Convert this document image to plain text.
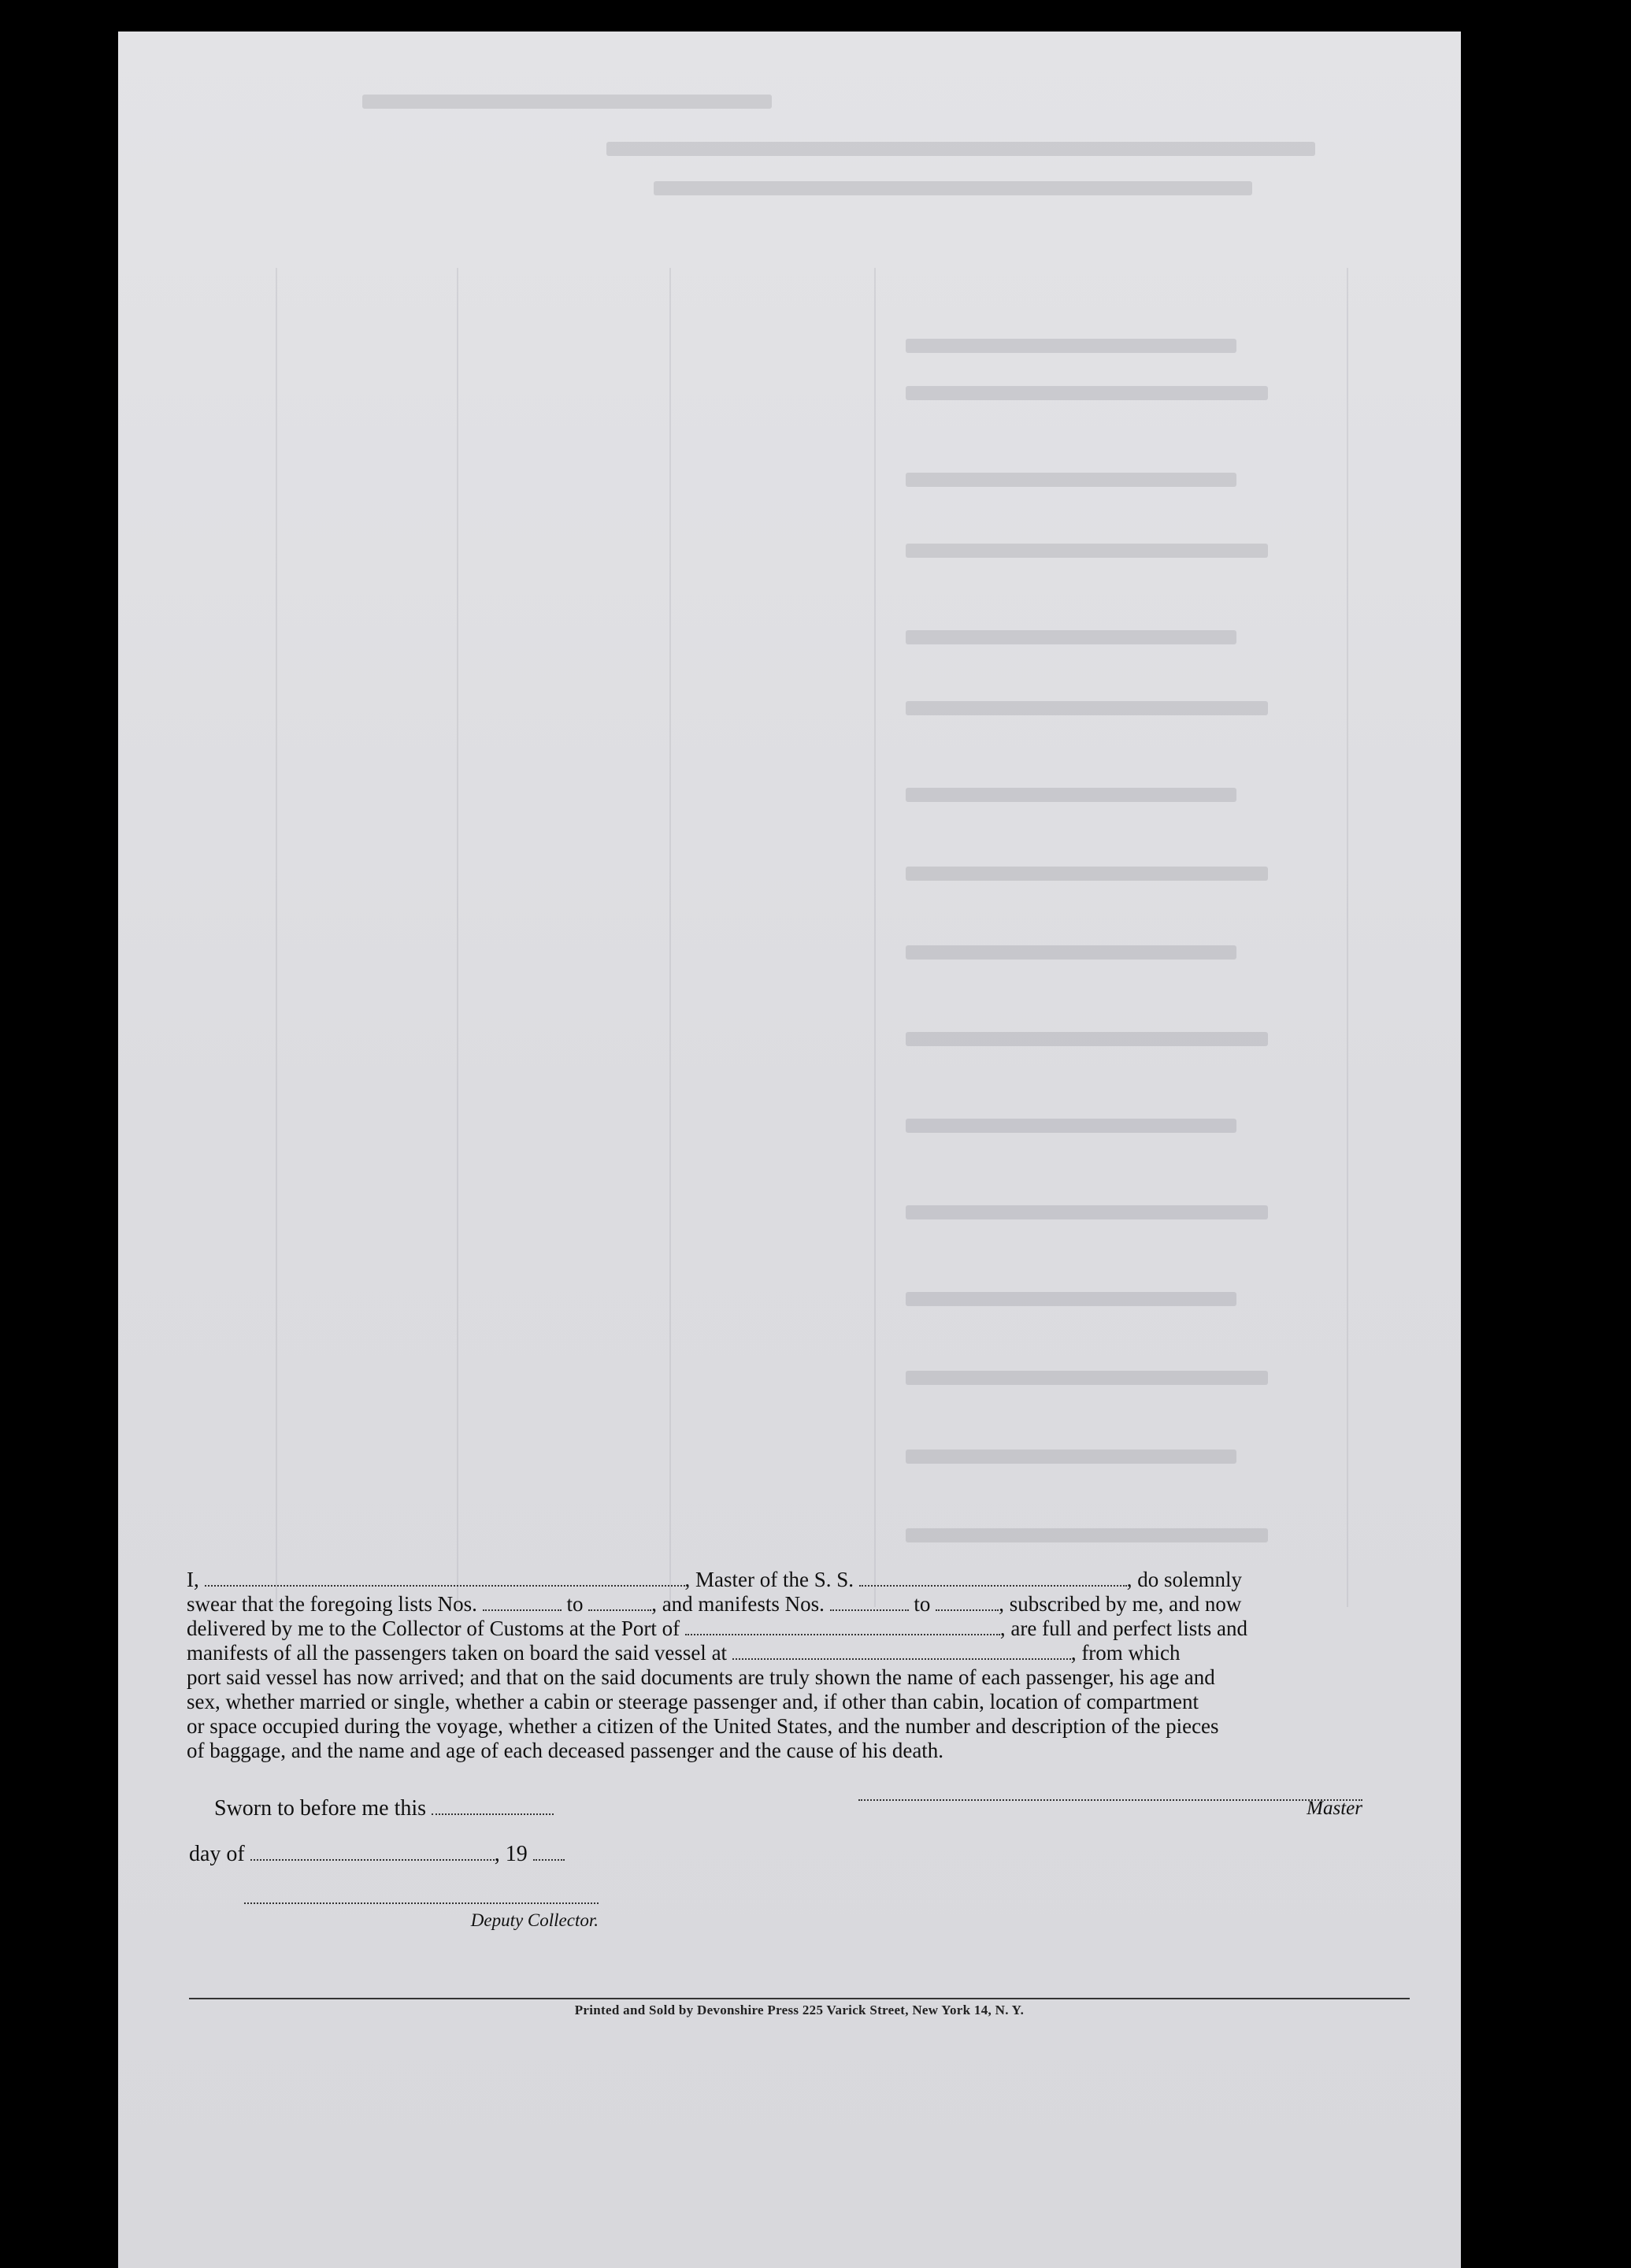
I,	, Master of the S. S.	, do solemnly

swear that the foregoing lists Nos.	to	, and manifests Nos.	to	, subscribed by me, and now

delivered by me to the Collector of Customs at the Port of	, are full and perfect lists and

manifests of all the passengers taken on board the said vessel at	, from which

port said vessel has now arrived; and that on the said documents are truly shown the name of each passenger, his age and

sex, whether married or single, whether a cabin or steerage passenger and, if other than cabin, location of compartment

or space occupied during the voyage, whether a citizen of the United States, and the number and description of the pieces

of baggage, and the name and age of each deceased passenger and the cause of his death.

Sworn to before me this
day of	, 19
Master
Deputy Collector.
Printed and Sold by Devonshire Press 225 Varick Street, New York 14, N. Y.
